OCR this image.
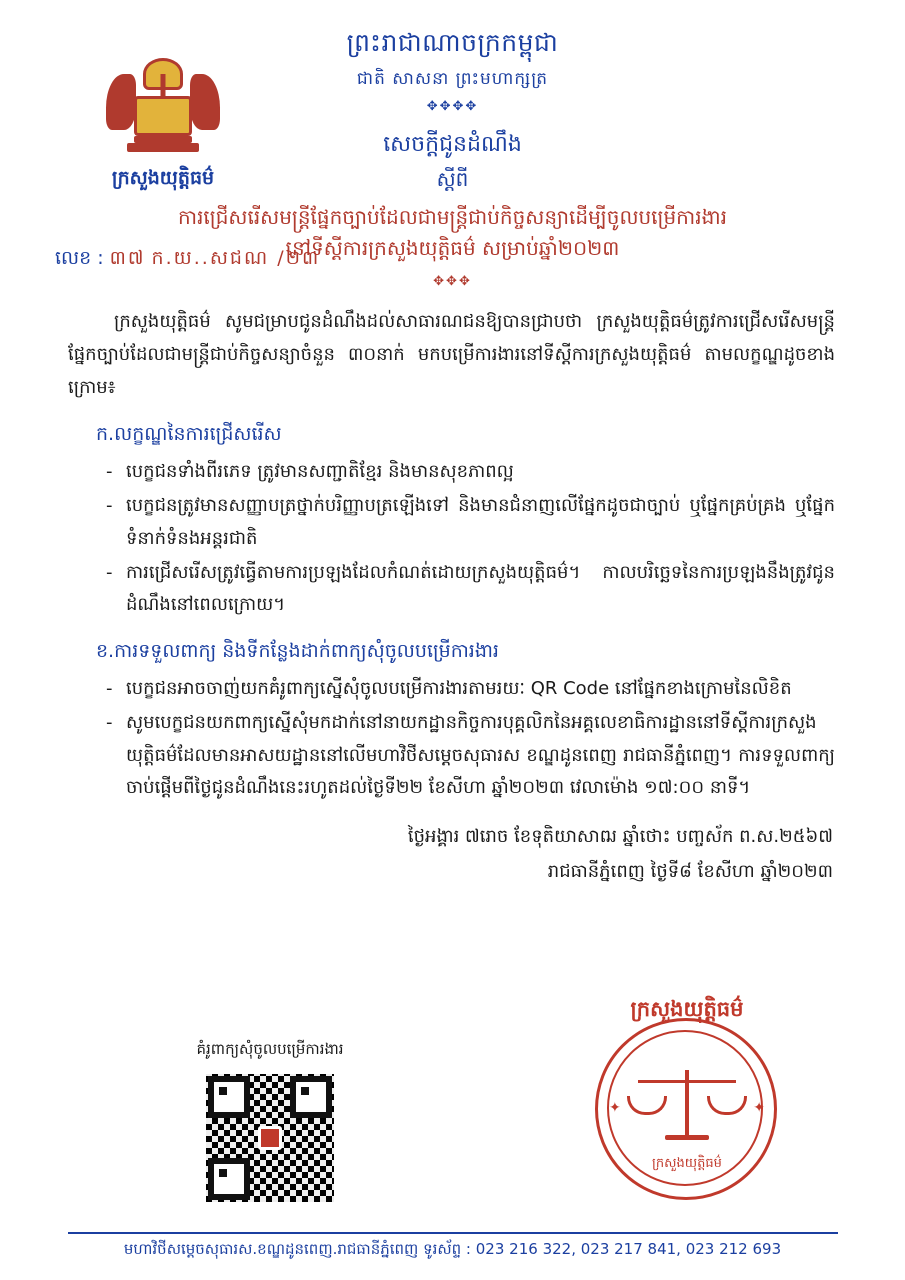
ក្រសួងយុត្តិធម៌
ព្រះរាជាណាចក្រកម្ពុជា
ជាតិ សាសនា ព្រះមហាក្សត្រ
✥✥✥✥
លេខ : ៣៧ ក.យ..សជណ /២៣
សេចក្តីជូនដំណឹង
ស្តីពី
ការជ្រើសរើសមន្ត្រីផ្នែកច្បាប់ដែលជាមន្ត្រីជាប់កិច្ចសន្យាដើម្បីចូលបម្រើការងារ
នៅទីស្តីការក្រសួងយុត្តិធម៌ សម្រាប់ឆ្នាំ២០២៣
✥✥✥
ក្រសួងយុត្តិធម៌ សូមជម្រាបជូនដំណឹងដល់សាធារណជនឱ្យបានជ្រាបថា ក្រសួងយុត្តិធម៌ត្រូវការជ្រើសរើសមន្ត្រីផ្នែកច្បាប់ដែលជាមន្ត្រីជាប់កិច្ចសន្យាចំនួន ៣០នាក់ មកបម្រើការងារនៅទីស្តីការក្រសួងយុត្តិធម៌ តាមលក្ខណ្ឌដូចខាងក្រោម៖
ក.លក្ខណ្ឌនៃការជ្រើសរើស
- បេក្ខជនទាំងពីរភេទ ត្រូវមានសញ្ជាតិខ្មែរ និងមានសុខភាពល្អ
- បេក្ខជនត្រូវមានសញ្ញាបត្រថ្នាក់បរិញ្ញាបត្រឡើងទៅ និងមានជំនាញលើផ្នែកដូចជាច្បាប់ ឬផ្នែកគ្រប់គ្រង ឬផ្នែកទំនាក់ទំនងអន្តរជាតិ
- ការជ្រើសរើសត្រូវធ្វើតាមការប្រឡងដែលកំណត់ដោយក្រសួងយុត្តិធម៌។ កាលបរិច្ឆេទនៃការប្រឡងនឹងត្រូវជូនដំណឹងនៅពេលក្រោយ។
ខ.ការទទួលពាក្យ និងទីកន្លែងដាក់ពាក្យសុំចូលបម្រើការងារ
- បេក្ខជនអាចចាញ់យកគំរូពាក្យស្នើសុំចូលបម្រើការងារតាមរយៈ QR Code នៅផ្នែកខាងក្រោមនៃលិខិត
- សូមបេក្ខជនយកពាក្យស្នើសុំមកដាក់នៅនាយកដ្ឋានកិច្ចការបុគ្គលិកនៃអគ្គលេខាធិការដ្ឋាននៅទីស្តីការក្រសួងយុត្តិធម៌ដែលមានអាសយដ្ឋាននៅលើមហាវិថីសម្តេចសុធារស ខណ្ឌដូនពេញ រាជធានីភ្នំពេញ។ ការទទួលពាក្យចាប់ផ្តើមពីថ្ងៃជូនដំណឹងនេះរហូតដល់ថ្ងៃទី២២ ខែសីហា ឆ្នាំ២០២៣ វេលាម៉ោង ១៧:០០ នាទី។
ថ្ងៃអង្គារ ៧រោច ខែទុតិយាសាឍ ឆ្នាំថោះ បញ្ចស័ក ព.ស.២៥៦៧
រាជធានីភ្នំពេញ ថ្ងៃទី៨ ខែសីហា ឆ្នាំ២០២៣
ក្រសួងយុត្តិធម៌
✦	✦
ក្រសួងយុត្តិធម៌
គំរូពាក្យសុំចូលបម្រើការងារ
មហាវិថីសម្តេចសុធារស.ខណ្ឌដូនពេញ.រាជធានីភ្នំពេញ ទូរស័ព្ទ : 023 216 322, 023 217 841, 023 212 693
